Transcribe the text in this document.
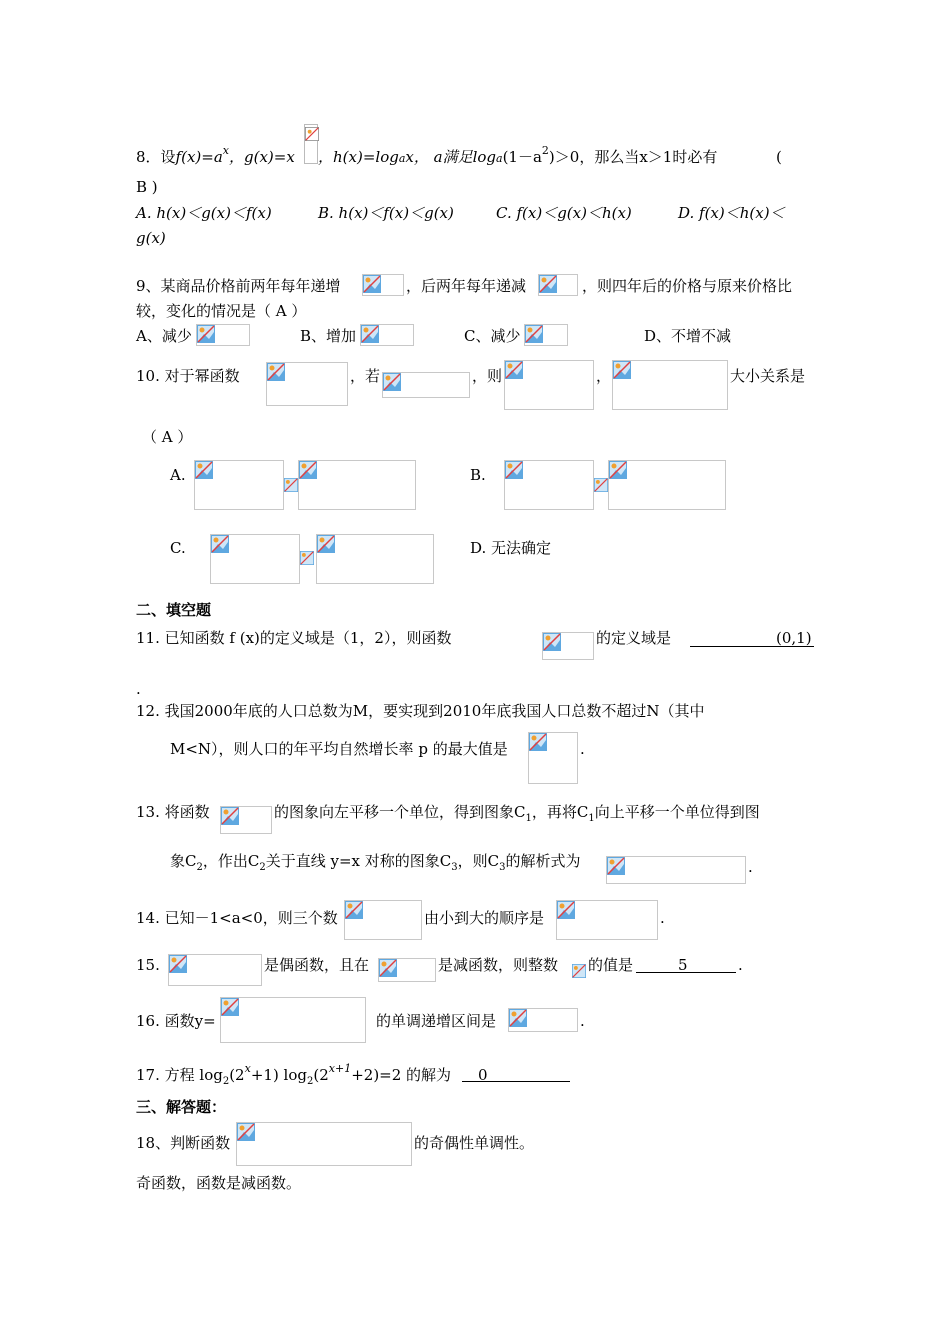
8．设$f(x)=a^x$，g(x)=x ，h(x)=logax， a满足$\log a(1-a^2)>0$，那么当x＞1时必有	(
B )
A. h(x)＜g(x)＜f(x)	B. h(x)＜f(x)＜g(x)	C. f(x)＜g(x)＜h(x)	D. f(x)＜h(x)＜
g(x)
9、某商品价格前两年每年递增	，后两年每年递减	，则四年后的价格与原来价格比
较，变化的情况是（ A ）
A、减少	B、增加	C、减少	D、不增不减
10. 对于幂函数	，若	，则	，	大小关系是
（ A ）
A.	B.
C.	D. 无法确定
二、填空题
11. 已知函数 f (x)的定义域是（1，2），则函数	的定义域是	(0,1)
.
12. 我国2000年底的人口总数为M，要实现到2010年底我国人口总数不超过N（其中
M<N），则人口的年平均自然增长率 p 的最大值是	.
13. 将函数	的图象向左平移一个单位，得到图象$C_1$，再将$C_1$向上平移一个单位得到图
象$C_2$，作出$C_2$关于直线 y=x 对称的图象$C_3$，则$C_3$的解析式为	.
14. 已知－1<a<0，则三个数	由小到大的顺序是	.
15.	是偶函数，且在	是减函数，则整数 的值是	5	.
16. 函数y=	的单调递增区间是	.
17. 方程 $\log_2(2^x+1)$ $\log_2(2^{x+1}+2)=2$ 的解为 0
三、解答题：
18、判断函数	的奇偶性单调性。
奇函数，函数是减函数。
